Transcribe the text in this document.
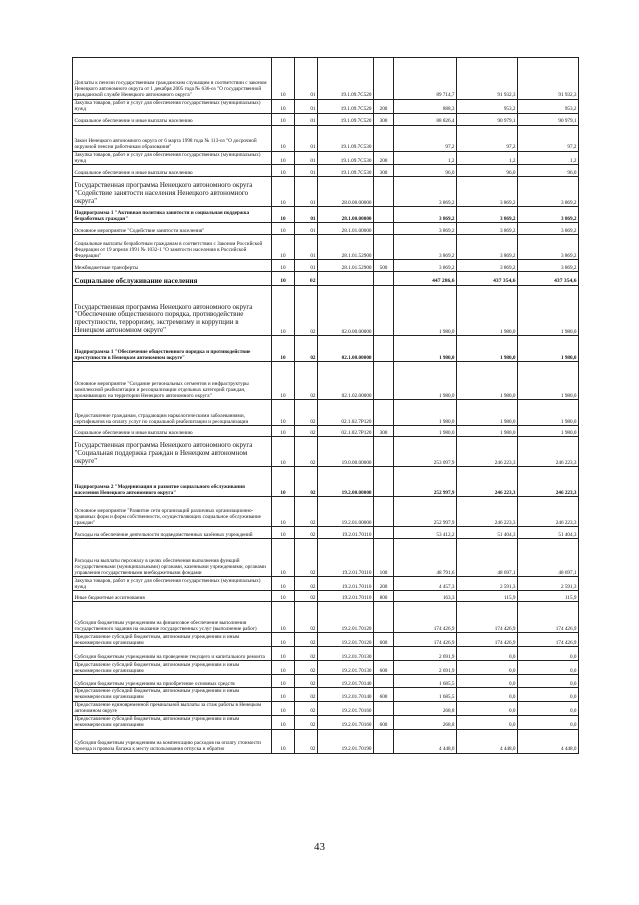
Доплаты к пенсии государственным гражданским служащим в соответствии с законом Ненецкого автономного округа от 1 декабря 2005 года № 636-оз "О государственной гражданской службе Ненецкого автономного округа"	10	01	19.1.09.7С520		89 714,7	91 932,3	91 932,3
Закупка товаров, работ и услуг для обеспечения государственных (муниципальных) нужд	10	01	19.1.09.7С520	200	888,3	953,2	953,2
Социальное обеспечение и иные выплаты населению	10	01	19.1.09.7С520	300	88 826,4	90 979,1	90 979,1
Закон Ненецкого автономного округа от 6 марта 1998 года № 113-оз "О досрочной окружной пенсии работникам образования"	10	01	19.1.09.7С530		97,2	97,2	97,2
Закупка товаров, работ и услуг для обеспечения государственных (муниципальных) нужд	10	01	19.1.09.7С530	200	1,2	1,2	1,2
Социальное обеспечение и иные выплаты населению	10	01	19.1.09.7С530	300	96,0	96,0	96,0
Государственная программа Ненецкого автономного округа "Содействие занятости населения Ненецкого автономного округа"	10	01	28.0.00.00000		3 869,2	3 869,2	3 869,2
Подпрограмма 1 "Активная политика занятости и социальная поддержка безработных граждан"	10	01	28.1.00.00000		3 869,2	3 869,2	3 869,2
Основное мероприятие "Содействие занятости населения"	10	01	28.1.01.00000		3 869,2	3 869,2	3 869,2
Социальные выплаты безработным гражданам в соответствии с Законом Российской Федерации от 19 апреля 1991 № 1032-1 "О занятости населения в Российской Федерации"	10	01	28.1.01.52900		3 869,2	3 869,2	3 869,2
Межбюджетные трансферты	10	01	28.1.01.52900	500	3 869,2	3 869,2	3 869,2
Социальное обслуживание населения	10	02			447 286,6	437 354,6	437 354,6
Государственная программа Ненецкого автономного округа "Обеспечение общественного порядка, противодействие преступности, терроризму, экстремизму и коррупции в Ненецком автономном округе"	10	02	02.0.00.00000		1 980,0	1 980,0	1 980,0
Подпрограмма 1 "Обеспечение общественного порядка и противодействие преступности в Ненецком автономном округе"	10	02	02.1.00.00000		1 980,0	1 980,0	1 980,0
Основное мероприятие "Создание региональных сегментов и инфраструктуры комплексной реабилитации и ресоциализации отдельных категорий граждан, проживающих на территории Ненецкого автономного округа"	10	02	02.1.02.00000		1 980,0	1 980,0	1 980,0
Предоставление гражданам, страдающим наркологическими заболеваниями, сертификатов на оплату услуг по социальной реабилитации и ресоциализации	10	02	02.1.02.7Р120		1 980,0	1 980,0	1 980,0
Социальное обеспечение и иные выплаты населению	10	02	02.1.02.7Р120	300	1 980,0	1 980,0	1 980,0
Государственная программа Ненецкого автономного округа "Социальная поддержка граждан в Ненецком автономном округе"	10	02	19.0.00.00000		253 097,9	246 223,3	246 223,3
Подпрограмма 2 "Модернизация и развитие социального обслуживания населения Ненецкого автономного округа"	10	02	19.2.00.00000		252 997,9	246 223,3	246 223,3
Основное мероприятие "Развитие сети организаций различных организационно-правовых форм и форм собственности, осуществляющих социальное обслуживание граждан"	10	02	19.2.01.00000		252 997,9	246 223,3	246 223,3
Расходы на обеспечение деятельности подведомственных казённых учреждений	10	02	19.2.01.70110		53 412,2	51 404,3	51 404,3
Расходы на выплаты персоналу в целях обеспечения выполнения функций государственными (муниципальными) органами, казенными учреждениями, органами управления государственными внебюджетными фондами	10	02	19.2.01.70110	100	48 791,6	48 697,1	48 697,1
Закупка товаров, работ и услуг для обеспечения государственных (муниципальных) нужд	10	02	19.2.01.70110	200	4 457,3	2 591,3	2 591,3
Иные бюджетные ассигнования	10	02	19.2.01.70110	800	163,3	115,9	115,9
Субсидии бюджетным учреждениям на финансовое обеспечение выполнения государственного задания на оказание государственных услуг (выполнение работ)	10	02	19.2.01.70120		174 426,9	174 426,9	174 426,9
Предоставление субсидий бюджетным, автономным учреждениям и иным некоммерческим организациям	10	02	19.2.01.70120	600	174 426,9	174 426,9	174 426,9
Субсидии бюджетным учреждениям на проведение текущего и капитального ремонта	10	02	19.2.01.70130		2 691,9	0,0	0,0
Предоставление субсидий бюджетным, автономным учреждениям и иным некоммерческим организациям	10	02	19.2.01.70130	600	2 691,9	0,0	0,0
Субсидии бюджетным учреждениям на приобретение основных средств	10	02	19.2.01.70140		1 685,5	0,0	0,0
Предоставление субсидий бюджетным, автономным учреждениям и иным некоммерческим организациям	10	02	19.2.01.70140	600	1 685,5	0,0	0,0
Предоставление единовременной премиальной выплаты за стаж работы в Ненецком автономном округе	10	02	19.2.01.70160		268,8	0,0	0,0
Предоставление субсидий бюджетным, автономным учреждениям и иным некоммерческим организациям	10	02	19.2.01.70160	600	268,8	0,0	0,0
Субсидии бюджетным учреждениям на компенсацию расходов на оплату стоимости проезда и провоза багажа к месту использования отпуска и обратно	10	02	19.2.01.70190		4 448,0	4 448,0	4 448,0
43
